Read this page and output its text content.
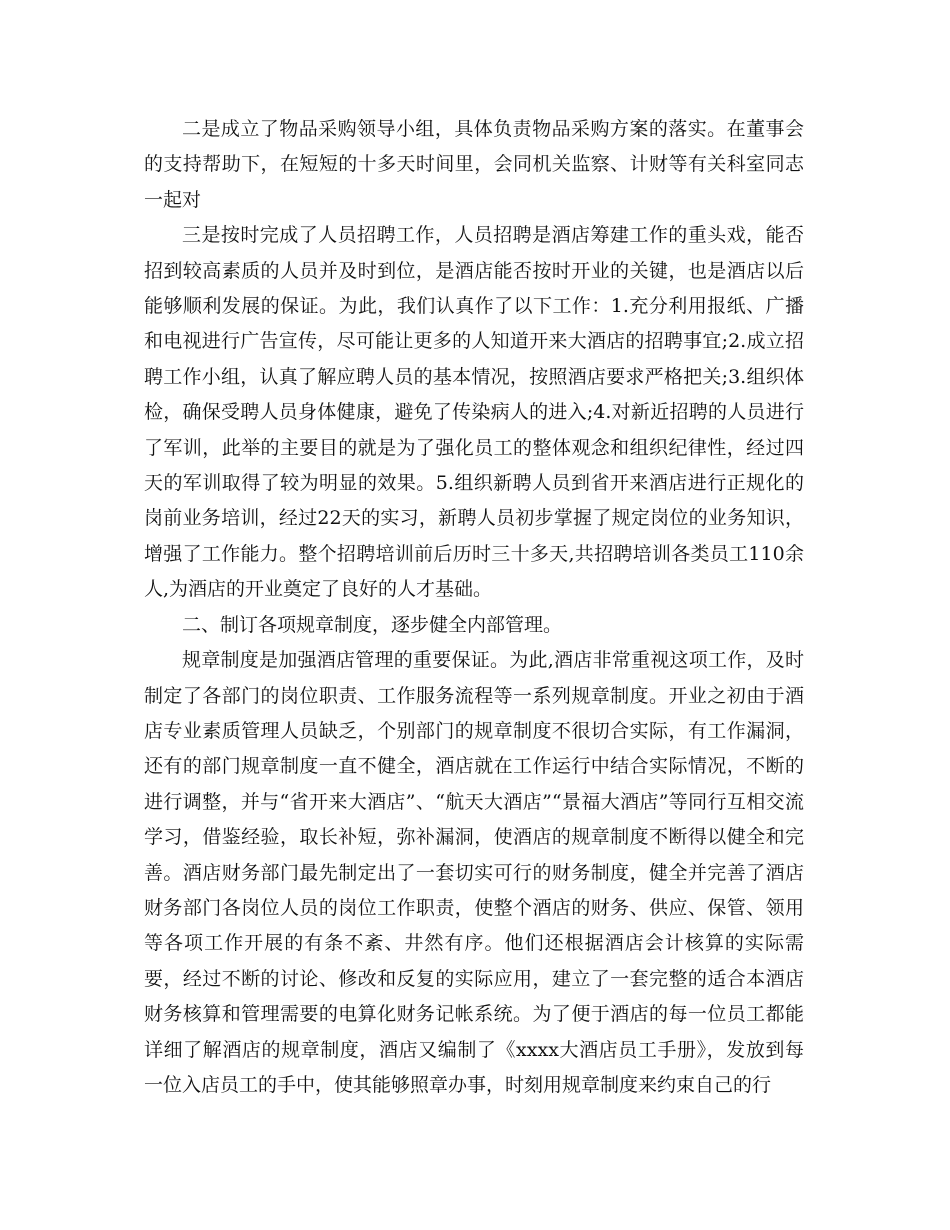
二是成立了物品采购领导小组，具体负责物品采购方案的落实。在董事会的支持帮助下，在短短的十多天时间里，会同机关监察、计财等有关科室同志一起对

三是按时完成了人员招聘工作，人员招聘是酒店筹建工作的重头戏，能否招到较高素质的人员并及时到位，是酒店能否按时开业的关键，也是酒店以后能够顺利发展的保证。为此，我们认真作了以下工作：1.充分利用报纸、广播和电视进行广告宣传，尽可能让更多的人知道开来大酒店的招聘事宜;2.成立招聘工作小组，认真了解应聘人员的基本情况，按照酒店要求严格把关;3.组织体检，确保受聘人员身体健康，避免了传染病人的进入;4.对新近招聘的人员进行了军训，此举的主要目的就是为了强化员工的整体观念和组织纪律性，经过四天的军训取得了较为明显的效果。5.组织新聘人员到省开来酒店进行正规化的岗前业务培训，经过22天的实习，新聘人员初步掌握了规定岗位的业务知识，增强了工作能力。整个招聘培训前后历时三十多天,共招聘培训各类员工110余人,为酒店的开业奠定了良好的人才基础。

二、制订各项规章制度，逐步健全内部管理。

规章制度是加强酒店管理的重要保证。为此,酒店非常重视这项工作，及时制定了各部门的岗位职责、工作服务流程等一系列规章制度。开业之初由于酒店专业素质管理人员缺乏，个别部门的规章制度不很切合实际，有工作漏洞，还有的部门规章制度一直不健全，酒店就在工作运行中结合实际情况，不断的进行调整，并与“省开来大酒店”、“航天大酒店”“景福大酒店”等同行互相交流学习，借鉴经验，取长补短，弥补漏洞，使酒店的规章制度不断得以健全和完善。酒店财务部门最先制定出了一套切实可行的财务制度，健全并完善了酒店财务部门各岗位人员的岗位工作职责，使整个酒店的财务、供应、保管、领用等各项工作开展的有条不紊、井然有序。他们还根据酒店会计核算的实际需要，经过不断的讨论、修改和反复的实际应用，建立了一套完整的适合本酒店财务核算和管理需要的电算化财务记帐系统。为了便于酒店的每一位员工都能详细了解酒店的规章制度，酒店又编制了《xxxx大酒店员工手册》，发放到每一位入店员工的手中，使其能够照章办事，时刻用规章制度来约束自己的行
